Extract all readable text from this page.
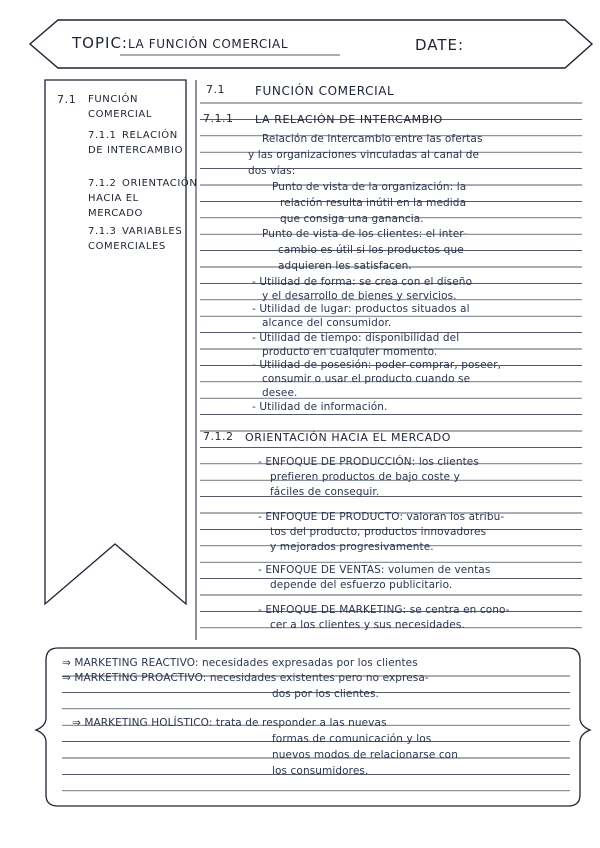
TOPIC: LA FUNCIÓN COMERCIAL	DATE:
7.1 FUNCIÓN COMERCIAL
7.1.1 RELACIÓN DE INTERCAMBIO
7.1.2 ORIENTACIÓN HACIA EL MERCADO
7.1.3 VARIABLES COMERCIALES
7.1	FUNCIÓN COMERCIAL
7.1.1 LA RELACIÓN DE INTERCAMBIO
Relación de intercambio entre las ofertas
y las organizaciones vinculadas al canal de
dos vías:
Punto de vista de la organización: la
relación resulta inútil en la medida
que consiga una ganancia.
Punto de vista de los clientes: el inter-
cambio es útil si los productos que
adquieren les satisfacen.
- Utilidad de forma: se crea con el diseño
y el desarrollo de bienes y servicios.
- Utilidad de lugar: productos situados al
alcance del consumidor.
- Utilidad de tiempo: disponibilidad del
producto en cualquier momento.
- Utilidad de posesión: poder comprar, poseer,
consumir o usar el producto cuando se
desee.
- Utilidad de información.
7.1.2 ORIENTACIÓN HACIA EL MERCADO
- ENFOQUE DE PRODUCCIÓN: los clientes
prefieren productos de bajo coste y
fáciles de conseguir.
- ENFOQUE DE PRODUCTO: valoran los atribu-
tos del producto, productos innovadores
y mejorados progresivamente.
- ENFOQUE DE VENTAS: volumen de ventas
depende del esfuerzo publicitario.
- ENFOQUE DE MARKETING: se centra en cono-
cer a los clientes y sus necesidades.
⇒ MARKETING REACTIVO: necesidades expresadas por los clientes
⇒ MARKETING PROACTIVO: necesidades existentes pero no expresa-
dos por los clientes.
⇒ MARKETING HOLÍSTICO: trata de responder a las nuevas
formas de comunicación y los
nuevos modos de relacionarse con
los consumidores.
